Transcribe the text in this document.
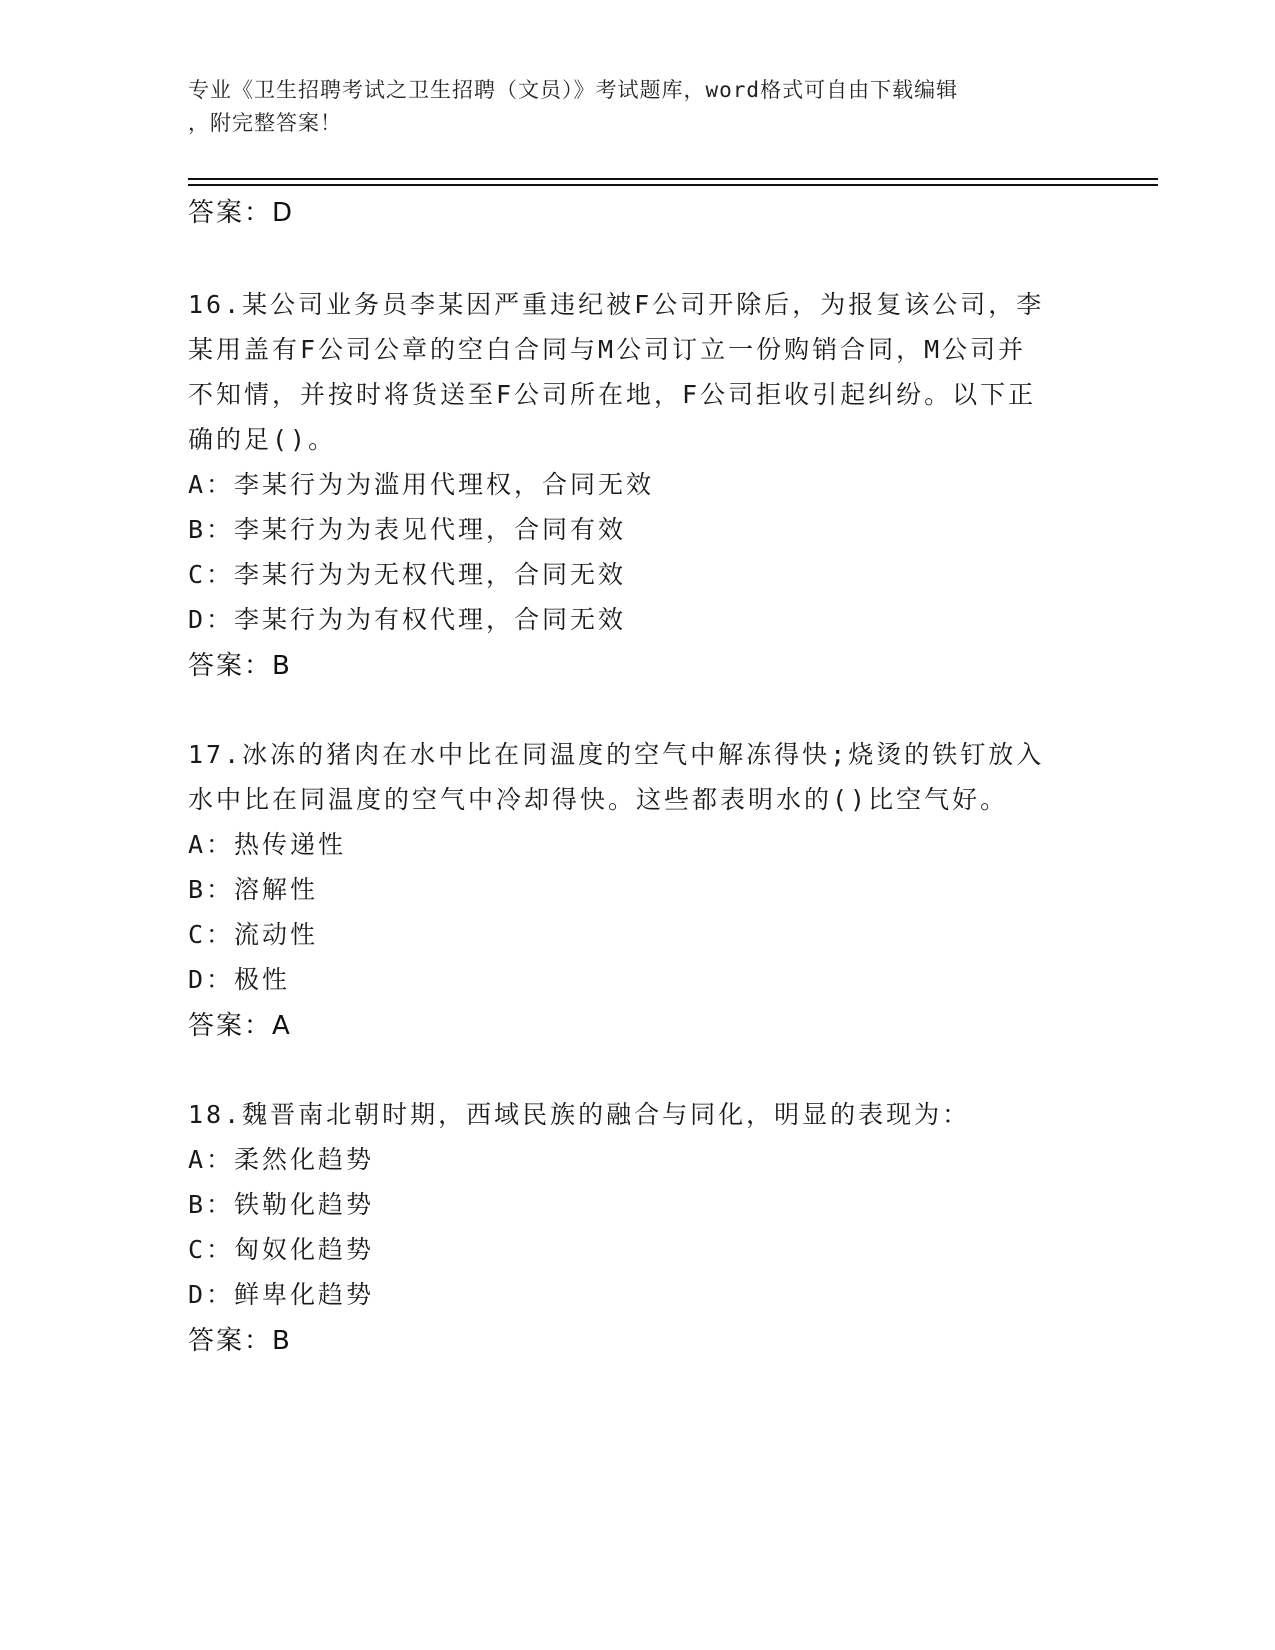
专业《卫生招聘考试之卫生招聘（文员）》考试题库，word格式可自由下载编辑
，附完整答案！
答案：D
16.某公司业务员李某因严重违纪被F公司开除后，为报复该公司，李
某用盖有F公司公章的空白合同与M公司订立一份购销合同，M公司并
不知情，并按时将货送至F公司所在地，F公司拒收引起纠纷。以下正
确的足()。
A：李某行为为滥用代理权，合同无效
B：李某行为为表见代理，合同有效
C：李某行为为无权代理，合同无效
D：李某行为为有权代理，合同无效
答案：B
17.冰冻的猪肉在水中比在同温度的空气中解冻得快;烧烫的铁钉放入
水中比在同温度的空气中冷却得快。这些都表明水的()比空气好。
A：热传递性
B：溶解性
C：流动性
D：极性
答案：A
18.魏晋南北朝时期，西域民族的融合与同化，明显的表现为：
A：柔然化趋势
B：铁勒化趋势
C：匈奴化趋势
D：鲜卑化趋势
答案：B
